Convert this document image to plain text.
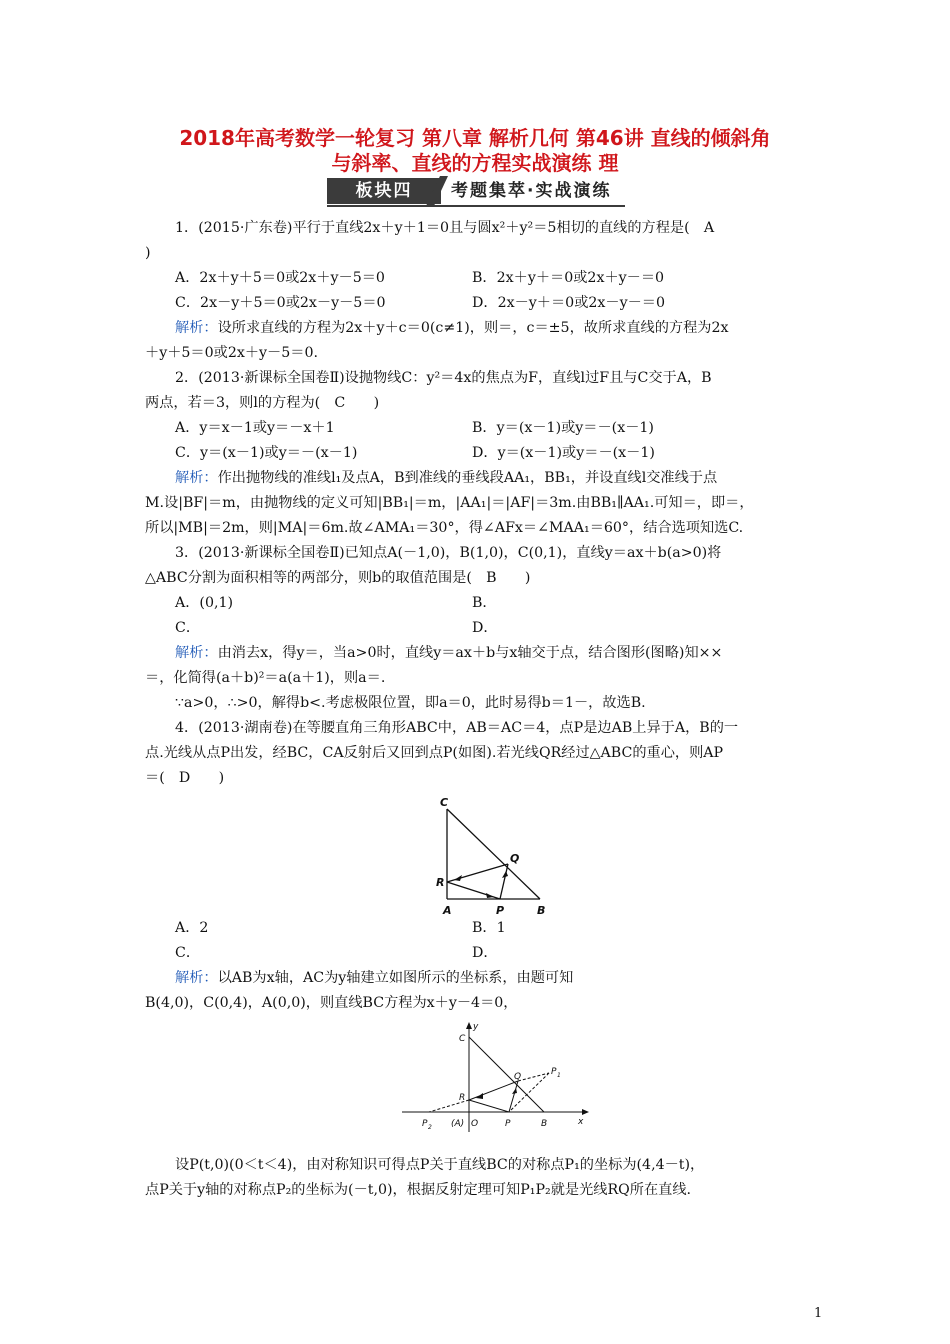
2018年高考数学一轮复习 第八章 解析几何 第46讲 直线的倾斜角
与斜率、直线的方程实战演练 理
板块四	考题集萃·实战演练
1．(2015·广东卷)平行于直线2x＋y＋1＝0且与圆x²＋y²＝5相切的直线的方程是(　A
)
A．2x＋y＋5＝0或2x＋y－5＝0	B．2x＋y＋＝0或2x＋y－＝0
C．2x－y＋5＝0或2x－y－5＝0	D．2x－y＋＝0或2x－y－＝0
解析：设所求直线的方程为2x＋y＋c＝0(c≠1)，则＝，c＝±5，故所求直线的方程为2x
＋y＋5＝0或2x＋y－5＝0.
2．(2013·新课标全国卷Ⅱ)设抛物线C：y²＝4x的焦点为F，直线l过F且与C交于A，B
两点，若＝3，则l的方程为(　C　　)
A．y＝x－1或y＝－x＋1	B．y＝(x－1)或y＝－(x－1)
C．y＝(x－1)或y＝－(x－1)	D．y＝(x－1)或y＝－(x－1)
解析：作出抛物线的准线l₁及点A，B到准线的垂线段AA₁，BB₁，并设直线l交准线于点
M.设|BF|＝m，由抛物线的定义可知|BB₁|＝m，|AA₁|＝|AF|＝3m.由BB₁∥AA₁.可知＝，即＝，
所以|MB|＝2m，则|MA|＝6m.故∠AMA₁＝30°，得∠AFx＝∠MAA₁＝60°，结合选项知选C.
3．(2013·新课标全国卷Ⅱ)已知点A(－1,0)，B(1,0)，C(0,1)，直线y＝ax＋b(a>0)将
△ABC分割为面积相等的两部分，则b的取值范围是(　B　　)
A．(0,1)	B．
C．	D．
解析：由消去x，得y＝，当a>0时，直线y＝ax＋b与x轴交于点，结合图形(图略)知××
＝，化简得(a＋b)²＝a(a＋1)，则a＝.
∵a>0，∴>0，解得b<.考虑极限位置，即a＝0，此时易得b＝1－，故选B.
4．(2013·湖南卷)在等腰直角三角形ABC中，AB＝AC＝4，点P是边AB上异于A，B的一
点.光线从点P出发，经BC，CA反射后又回到点P(如图).若光线QR经过△ABC的重心，则AP
＝(　D　　)
A．2	B．1
C．	D．
解析：以AB为x轴，AC为y轴建立如图所示的坐标系，由题可知
B(4,0)，C(0,4)，A(0,0)，则直线BC方程为x＋y－4＝0，
设P(t,0)(0＜t＜4)，由对称知识可得点P关于直线BC的对称点P₁的坐标为(4,4－t)，
点P关于y轴的对称点P₂的坐标为(－t,0)，根据反射定理可知P₁P₂就是光线RQ所在直线.
C
Q
R
A	P	B
y
x
C
Q	P 1
R
P 2 (A) O	P	B
1
